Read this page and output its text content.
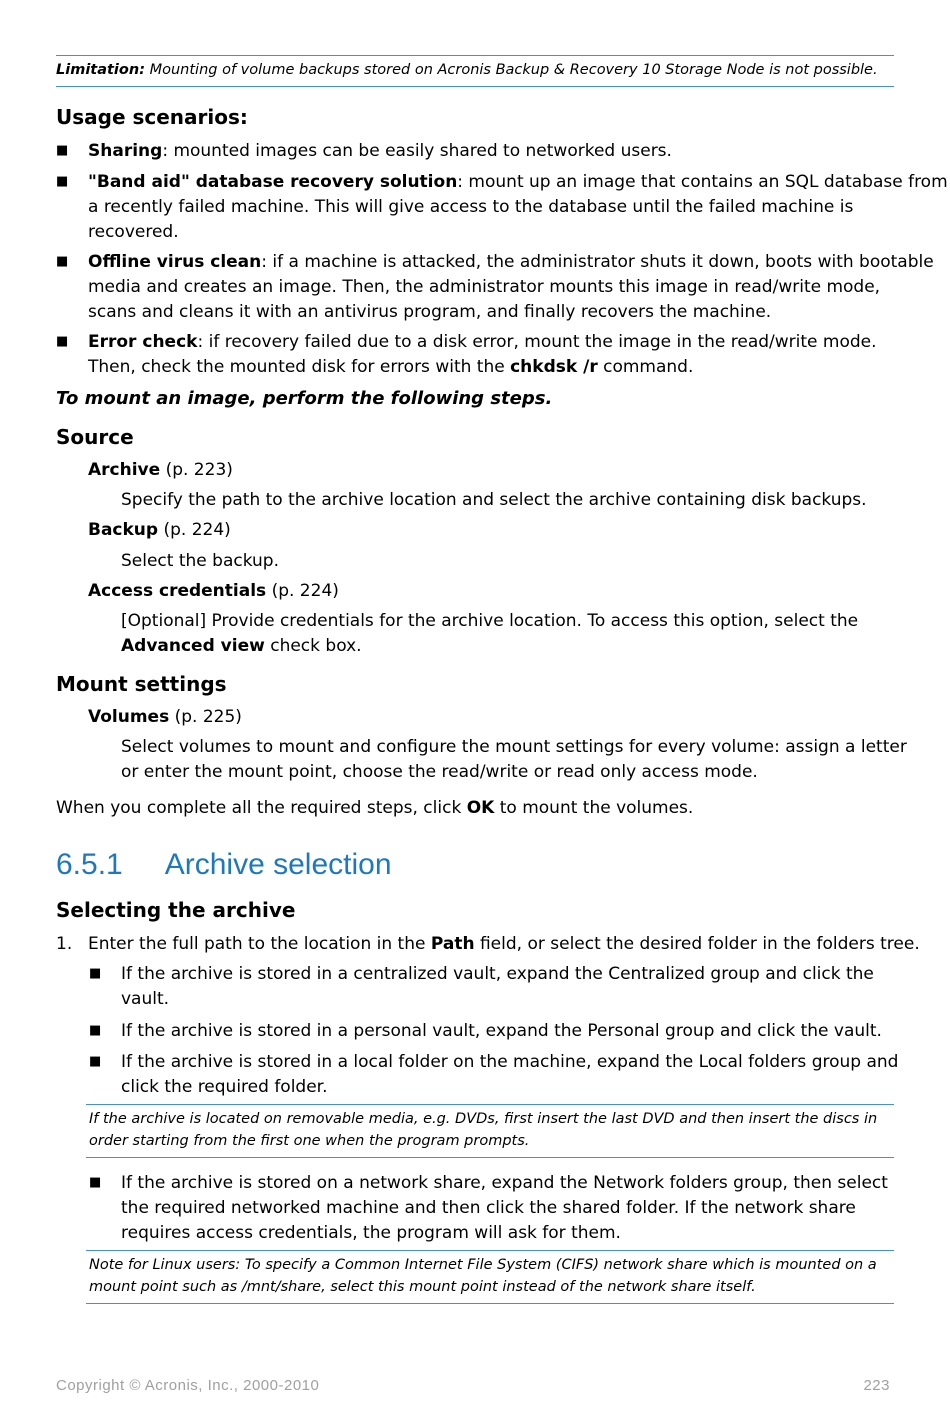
Limitation: Mounting of volume backups stored on Acronis Backup & Recovery 10 Storage Node is not possible.
Usage scenarios:
■ Sharing: mounted images can be easily shared to networked users.

■ "Band aid" database recovery solution: mount up an image that contains an SQL database from

a recently failed machine. This will give access to the database until the failed machine is

recovered.

■ Offline virus clean: if a machine is attacked, the administrator shuts it down, boots with bootable

media and creates an image. Then, the administrator mounts this image in read/write mode,

scans and cleans it with an antivirus program, and finally recovers the machine.

■ Error check: if recovery failed due to a disk error, mount the image in the read/write mode.

Then, check the mounted disk for errors with the chkdsk /r command.

To mount an image, perform the following steps.
Source
Archive (p. 223)
Specify the path to the archive location and select the archive containing disk backups.
Backup (p. 224)
Select the backup.
Access credentials (p. 224)

[Optional] Provide credentials for the archive location. To access this option, select the

Advanced view check box.

Mount settings
Volumes (p. 225)

Select volumes to mount and configure the mount settings for every volume: assign a letter

or enter the mount point, choose the read/write or read only access mode.

When you complete all the required steps, click OK to mount the volumes.
6.5.1 Archive selection
Selecting the archive
1. Enter the full path to the location in the Path field, or select the desired folder in the folders tree.
■ If the archive is stored in a centralized vault, expand the Centralized group and click the

vault.

■ If the archive is stored in a personal vault, expand the Personal group and click the vault.
■ If the archive is stored in a local folder on the machine, expand the Local folders group and

click the required folder.

If the archive is located on removable media, e.g. DVDs, first insert the last DVD and then insert the discs in

order starting from the first one when the program prompts.

■ If the archive is stored on a network share, expand the Network folders group, then select

the required networked machine and then click the shared folder. If the network share

requires access credentials, the program will ask for them.

Note for Linux users: To specify a Common Internet File System (CIFS) network share which is mounted on a

mount point such as /mnt/share, select this mount point instead of the network share itself.

Copyright © Acronis, Inc., 2000-2010	223
